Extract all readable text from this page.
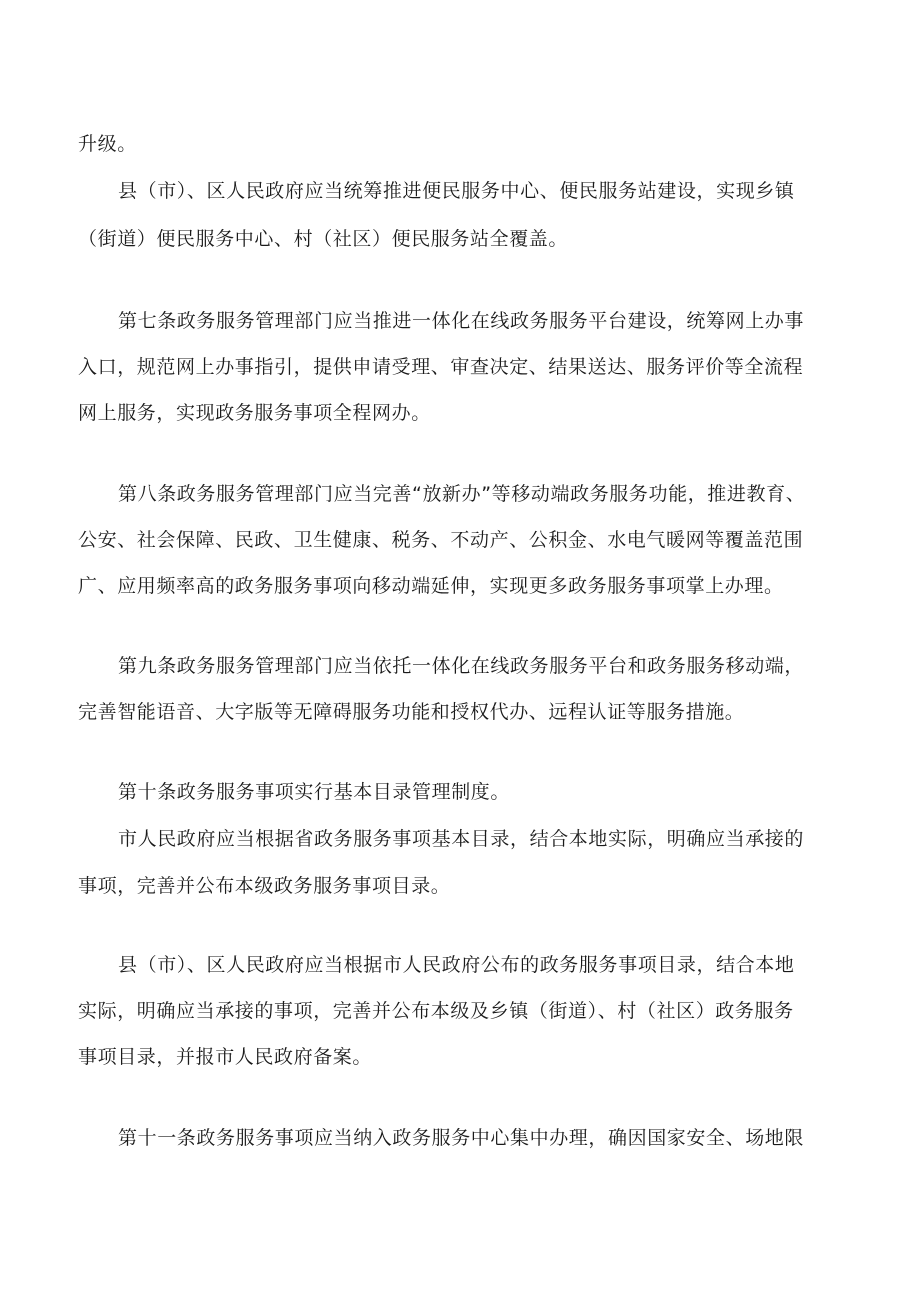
升级。
县（市）、区人民政府应当统筹推进便民服务中心、便民服务站建设，实现乡镇
（街道）便民服务中心、村（社区）便民服务站全覆盖。
第七条政务服务管理部门应当推进一体化在线政务服务平台建设，统筹网上办事
入口，规范网上办事指引，提供申请受理、审查决定、结果送达、服务评价等全流程
网上服务，实现政务服务事项全程网办。
第八条政务服务管理部门应当完善“放新办”等移动端政务服务功能，推进教育、
公安、社会保障、民政、卫生健康、税务、不动产、公积金、水电气暖网等覆盖范围
广、应用频率高的政务服务事项向移动端延伸，实现更多政务服务事项掌上办理。
第九条政务服务管理部门应当依托一体化在线政务服务平台和政务服务移动端，
完善智能语音、大字版等无障碍服务功能和授权代办、远程认证等服务措施。
第十条政务服务事项实行基本目录管理制度。
市人民政府应当根据省政务服务事项基本目录，结合本地实际，明确应当承接的
事项，完善并公布本级政务服务事项目录。
县（市）、区人民政府应当根据市人民政府公布的政务服务事项目录，结合本地
实际，明确应当承接的事项，完善并公布本级及乡镇（街道）、村（社区）政务服务
事项目录，并报市人民政府备案。
第十一条政务服务事项应当纳入政务服务中心集中办理，确因国家安全、场地限
